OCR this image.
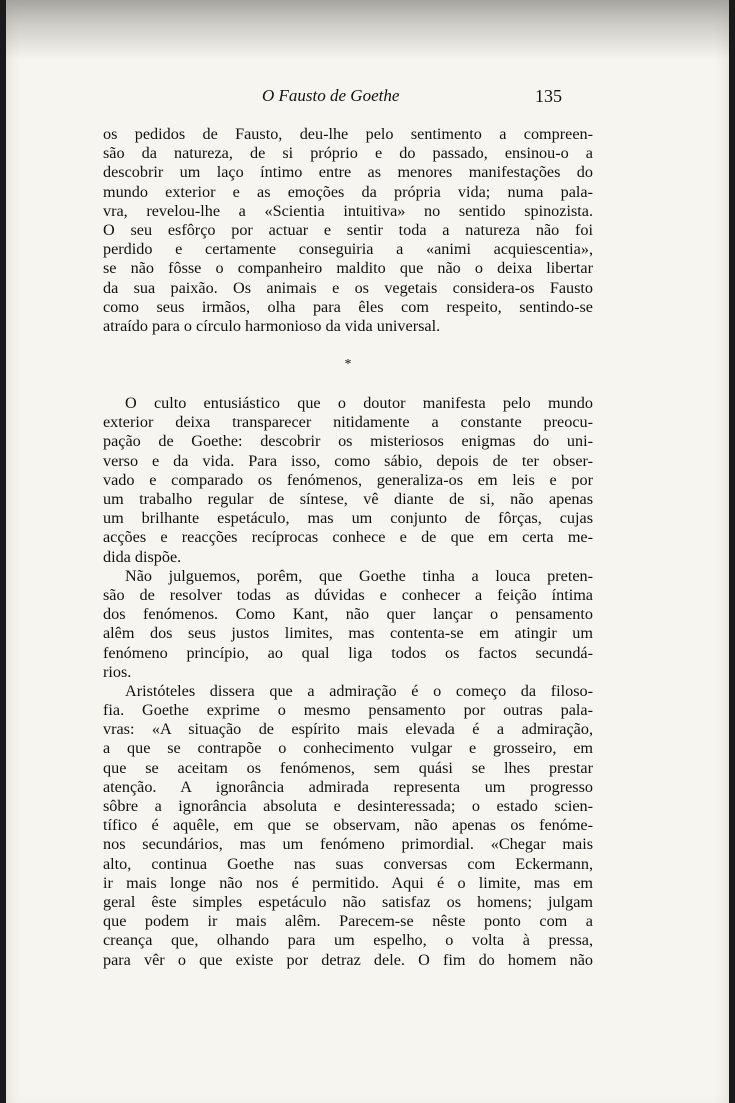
O Fausto de Goethe	135
os pedidos de Fausto, deu-lhe pelo sentimento a compreen-
são da natureza, de si próprio e do passado, ensinou-o a
descobrir um laço íntimo entre as menores manifestações do
mundo exterior e as emoções da própria vida; numa pala-
vra, revelou-lhe a «Scientia intuitiva» no sentido spinozista.
O seu esfôrço por actuar e sentir toda a natureza não foi
perdido e certamente conseguiria a «animi acquiescentia»,
se não fôsse o companheiro maldito que não o deixa libertar
da sua paixão. Os animais e os vegetais considera-os Fausto
como seus irmãos, olha para êles com respeito, sentindo-se
atraído para o círculo harmonioso da vida universal.
*
O culto entusiástico que o doutor manifesta pelo mundo
exterior deixa transparecer nitidamente a constante preocu-
pação de Goethe: descobrir os misteriosos enigmas do uni-
verso e da vida. Para isso, como sábio, depois de ter obser-
vado e comparado os fenómenos, generaliza-os em leis e por
um trabalho regular de síntese, vê diante de si, não apenas
um brilhante espetáculo, mas um conjunto de fôrças, cujas
acções e reacções recíprocas conhece e de que em certa me-
dida dispõe.
Não julguemos, porêm, que Goethe tinha a louca preten-
são de resolver todas as dúvidas e conhecer a feição íntima
dos fenómenos. Como Kant, não quer lançar o pensamento
alêm dos seus justos limites, mas contenta-se em atingir um
fenómeno princípio, ao qual liga todos os factos secundá-
rios.
Aristóteles dissera que a admiração é o começo da filoso-
fia. Goethe exprime o mesmo pensamento por outras pala-
vras: «A situação de espírito mais elevada é a admiração,
a que se contrapõe o conhecimento vulgar e grosseiro, em
que se aceitam os fenómenos, sem quási se lhes prestar
atenção. A ignorância admirada representa um progresso
sôbre a ignorância absoluta e desinteressada; o estado scien-
tífico é aquêle, em que se observam, não apenas os fenóme-
nos secundários, mas um fenómeno primordial. «Chegar mais
alto, continua Goethe nas suas conversas com Eckermann,
ir mais longe não nos é permitido. Aqui é o limite, mas em
geral êste simples espetáculo não satisfaz os homens; julgam
que podem ir mais alêm. Parecem-se nêste ponto com a
creança que, olhando para um espelho, o volta à pressa,
para vêr o que existe por detraz dele. O fim do homem não
